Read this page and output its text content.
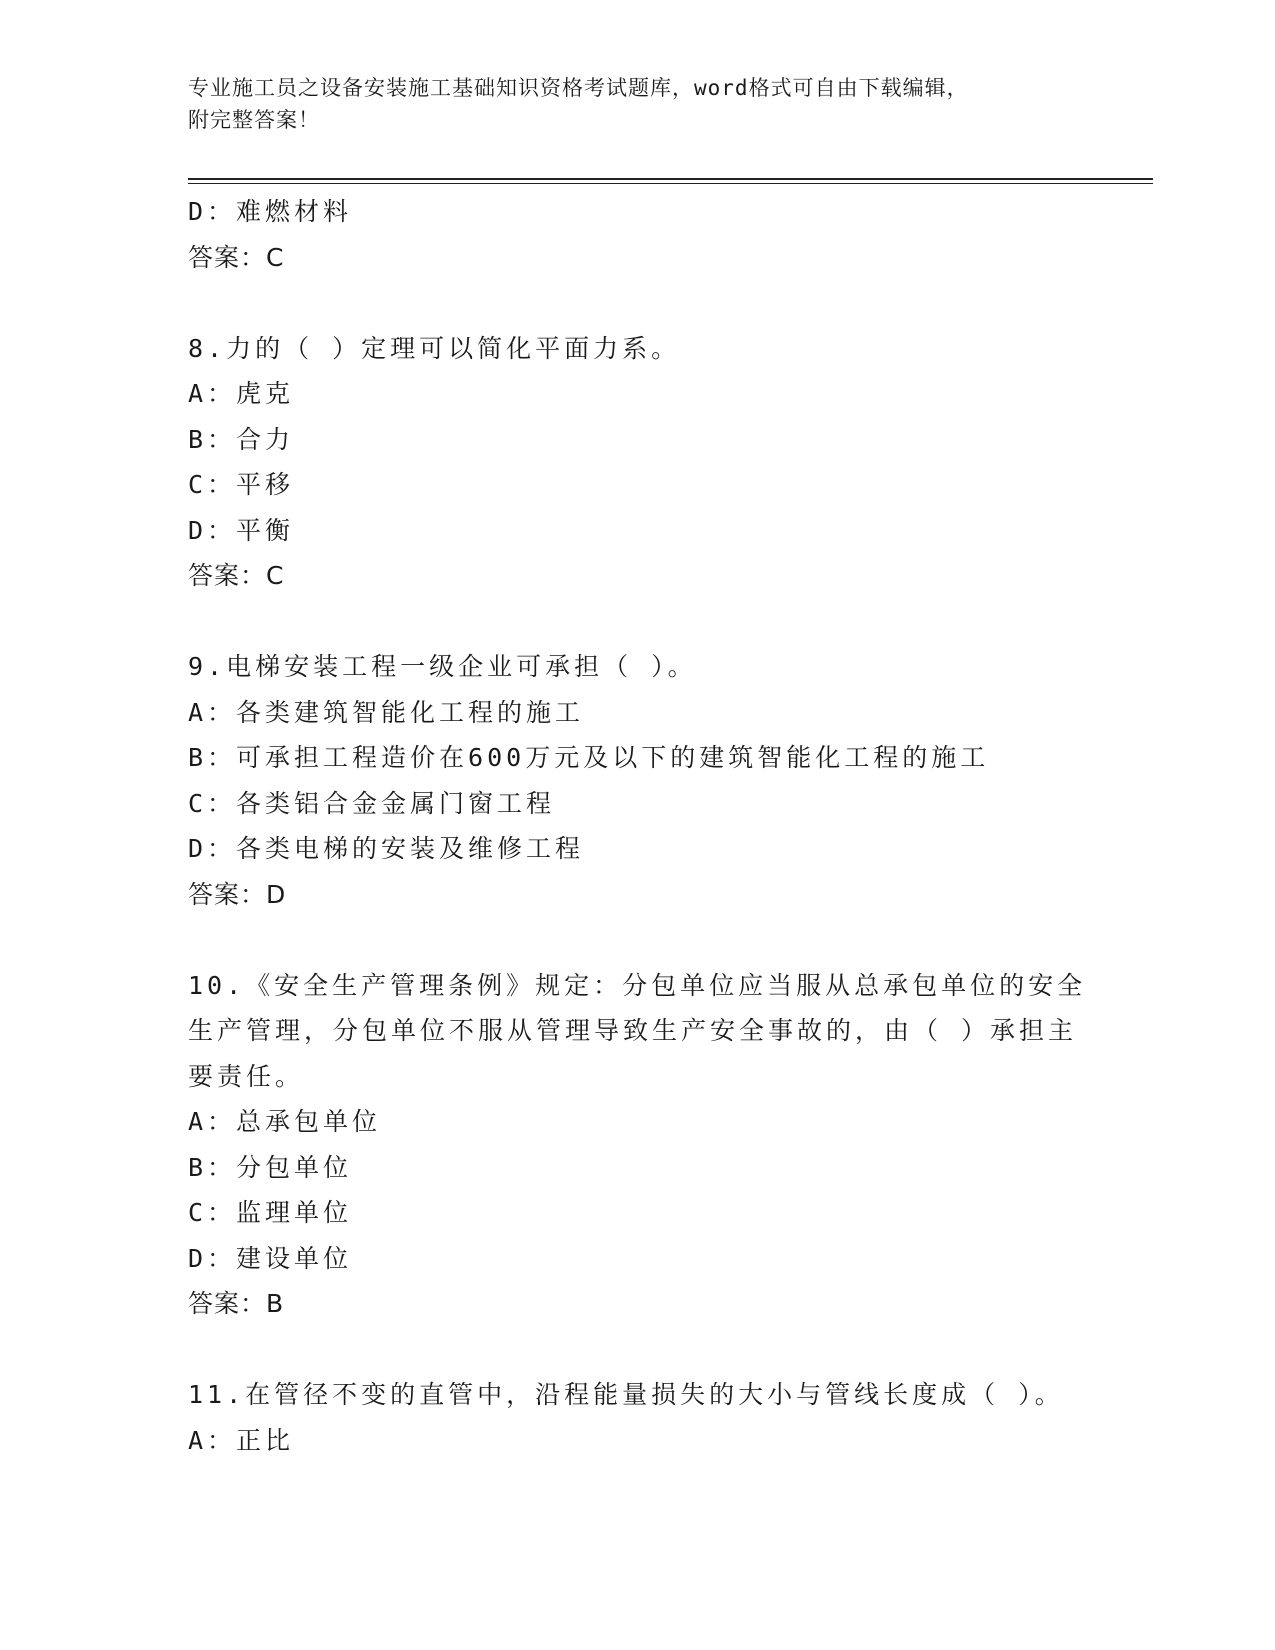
专业施工员之设备安装施工基础知识资格考试题库，word格式可自由下载编辑，
附完整答案！
D：难燃材料
答案：C
8.力的（ ）定理可以简化平面力系。
A：虎克
B：合力
C：平移
D：平衡
答案：C
9.电梯安装工程一级企业可承担（ ）。
A：各类建筑智能化工程的施工
B：可承担工程造价在600万元及以下的建筑智能化工程的施工
C：各类铝合金金属门窗工程
D：各类电梯的安装及维修工程
答案：D
10.《安全生产管理条例》规定：分包单位应当服从总承包单位的安全
生产管理，分包单位不服从管理导致生产安全事故的，由（ ）承担主
要责任。
A：总承包单位
B：分包单位
C：监理单位
D：建设单位
答案：B
11.在管径不变的直管中，沿程能量损失的大小与管线长度成（ ）。
A：正比
